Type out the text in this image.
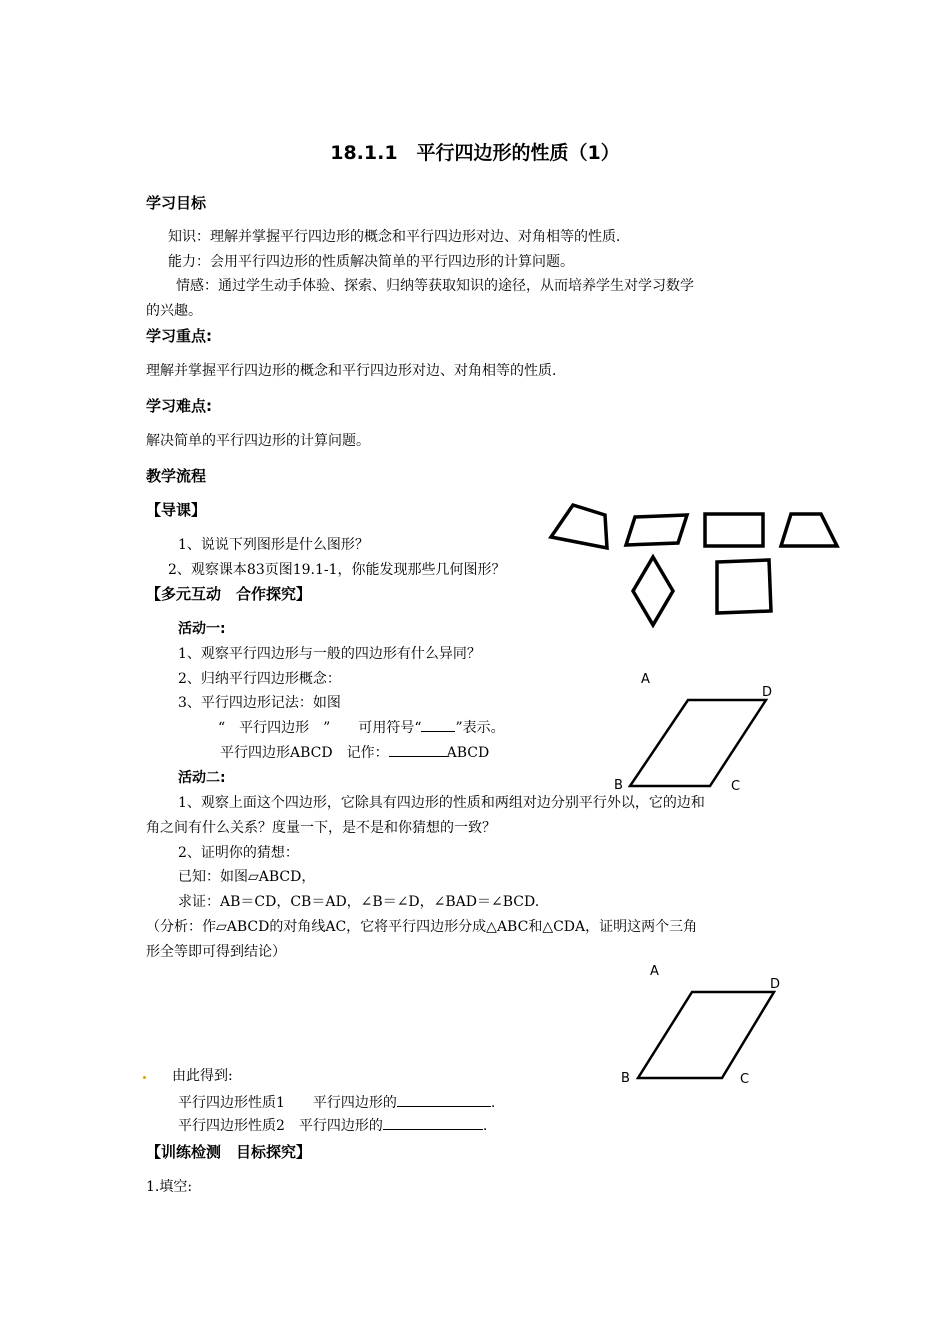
18.1.1　平行四边形的性质（1）
学习目标
知识：理解并掌握平行四边形的概念和平行四边形对边、对角相等的性质．
能力：会用平行四边形的性质解决简单的平行四边形的计算问题。
情感：通过学生动手体验、探索、归纳等获取知识的途径，从而培养学生对学习数学
的兴趣。
学习重点:
理解并掌握平行四边形的概念和平行四边形对边、对角相等的性质．
学习难点:
解决简单的平行四边形的计算问题。
教学流程
【导课】
1、说说下列图形是什么图形？
2、观察课本83页图19.1-1，你能发现那些几何图形？
【多元互动　合作探究】
活动一:
1、观察平行四边形与一般的四边形有什么异同？
2、归纳平行四边形概念：
3、平行四边形记法：如图
“　平行四边形　”　　可用符号“ ”表示。
平行四边形ABCD　记作：	ABCD
活动二:
1、观察上面这个四边形，它除具有四边形的性质和两组对边分别平行外以，它的边和
角之间有什么关系？度量一下，是不是和你猜想的一致？
2、证明你的猜想：
已知：如图▱ABCD，
求证：AB＝CD，CB＝AD，∠B＝∠D，∠BAD＝∠BCD.
（分析：作▱ABCD的对角线AC，它将平行四边形分成△ABC和△CDA，证明这两个三角
形全等即可得到结论）
由此得到:
平行四边形性质1　　平行四边形的	.
平行四边形性质2　平行四边形的	.
【训练检测　目标探究】
1.填空:
A
D
B	C
A
D
B	C
